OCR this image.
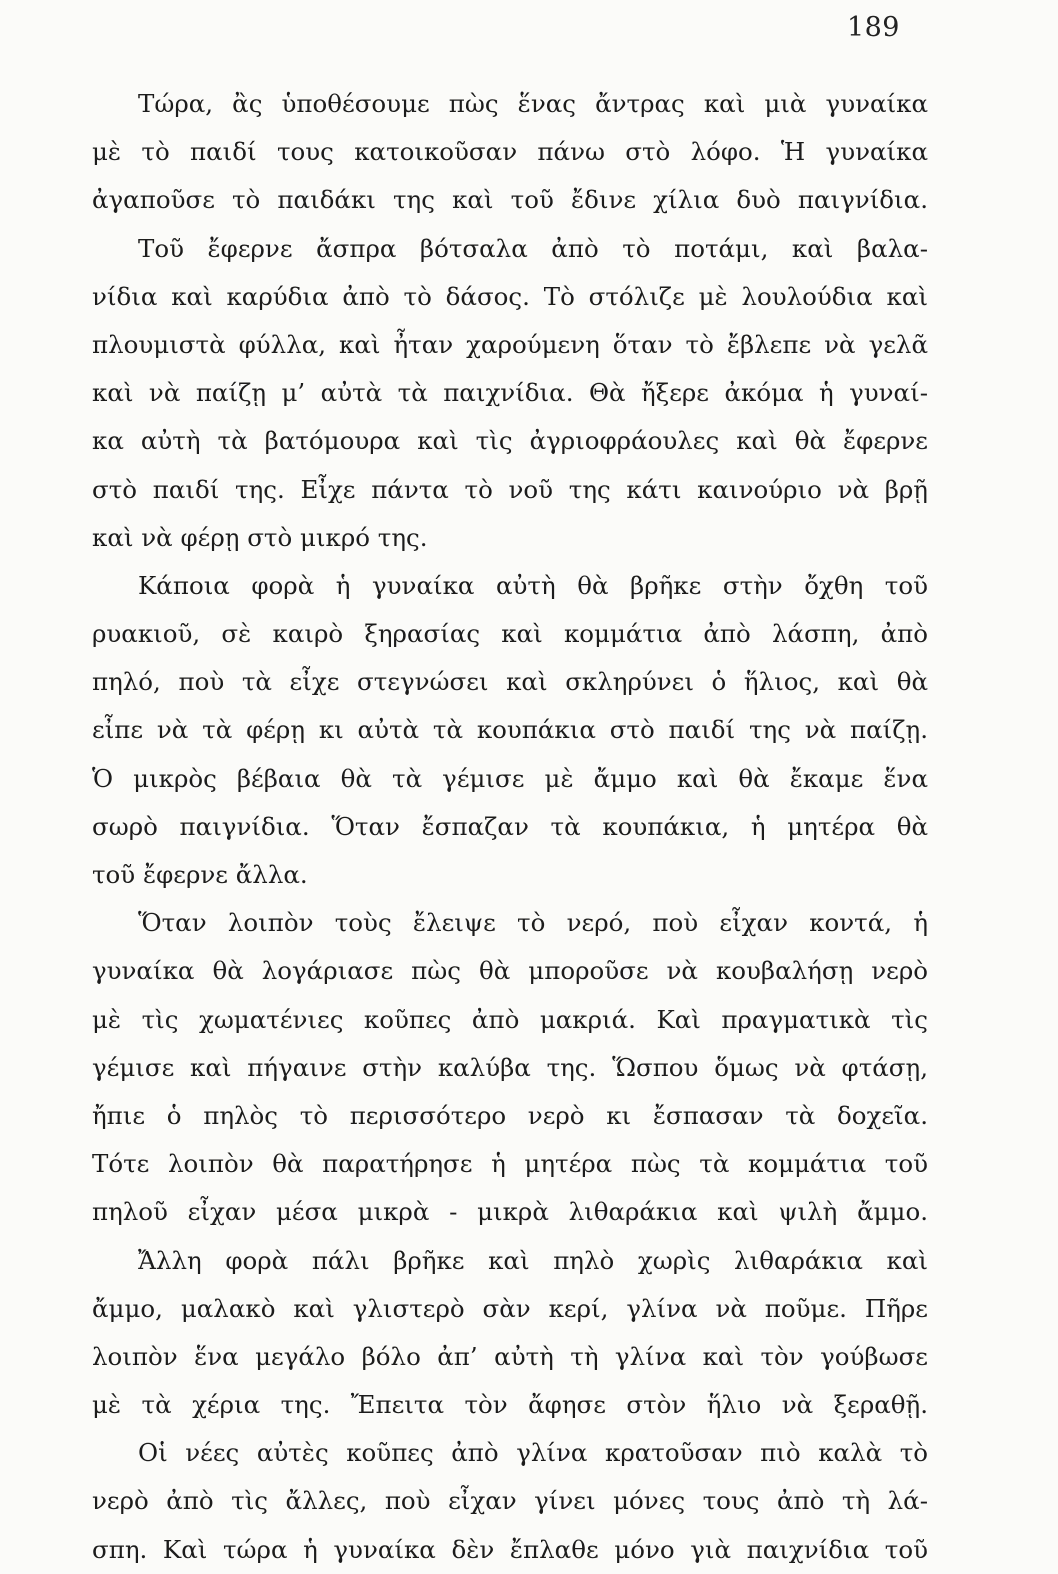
189
Τώρα, ἂς ὑποθέσουμε πὼς ἕνας ἄντρας καὶ μιὰ γυναίκα
μὲ τὸ παιδί τους κατοικοῦσαν πάνω στὸ λόφο. Ἡ γυναίκα
ἀγαποῦσε τὸ παιδάκι της καὶ τοῦ ἔδινε χίλια δυὸ παιγνίδια.
Τοῦ ἔφερνε ἄσπρα βότσαλα ἀπὸ τὸ ποτάμι, καὶ βαλα-
νίδια καὶ καρύδια ἀπὸ τὸ δάσος. Τὸ στόλιζε μὲ λουλούδια καὶ
πλουμιστὰ φύλλα, καὶ ἦταν χαρούμενη ὅταν τὸ ἔβλεπε νὰ γελᾶ
καὶ νὰ παίζῃ μ’ αὐτὰ τὰ παιχνίδια. Θὰ ἤξερε ἀκόμα ἡ γυναί-
κα αὐτὴ τὰ βατόμουρα καὶ τὶς ἀγριοφράουλες καὶ θὰ ἔφερνε
στὸ παιδί της. Εἶχε πάντα τὸ νοῦ της κάτι καινούριο νὰ βρῇ
καὶ νὰ φέρῃ στὸ μικρό της.
Κάποια φορὰ ἡ γυναίκα αὐτὴ θὰ βρῆκε στὴν ὄχθη τοῦ
ρυακιοῦ, σὲ καιρὸ ξηρασίας καὶ κομμάτια ἀπὸ λάσπη, ἀπὸ
πηλό, ποὺ τὰ εἶχε στεγνώσει καὶ σκληρύνει ὁ ἥλιος, καὶ θὰ
εἶπε νὰ τὰ φέρῃ κι αὐτὰ τὰ κουπάκια στὸ παιδί της νὰ παίζῃ.
Ὁ μικρὸς βέβαια θὰ τὰ γέμισε μὲ ἄμμο καὶ θὰ ἔκαμε ἕνα
σωρὸ παιγνίδια. Ὅταν ἔσπαζαν τὰ κουπάκια, ἡ μητέρα θὰ
τοῦ ἔφερνε ἄλλα.
Ὅταν λοιπὸν τοὺς ἔλειψε τὸ νερό, ποὺ εἶχαν κοντά, ἡ
γυναίκα θὰ λογάριασε πὼς θὰ μποροῦσε νὰ κουβαλήσῃ νερὸ
μὲ τὶς χωματένιες κοῦπες ἀπὸ μακριά. Καὶ πραγματικὰ τὶς
γέμισε καὶ πήγαινε στὴν καλύβα της. Ὥσπου ὅμως νὰ φτάσῃ,
ἤπιε ὁ πηλὸς τὸ περισσότερο νερὸ κι ἔσπασαν τὰ δοχεῖα.
Τότε λοιπὸν θὰ παρατήρησε ἡ μητέρα πὼς τὰ κομμάτια τοῦ
πηλοῦ εἶχαν μέσα μικρὰ - μικρὰ λιθαράκια καὶ ψιλὴ ἄμμο.
Ἄλλη φορὰ πάλι βρῆκε καὶ πηλὸ χωρὶς λιθαράκια καὶ
ἄμμο, μαλακὸ καὶ γλιστερὸ σὰν κερί, γλίνα νὰ ποῦμε. Πῆρε
λοιπὸν ἕνα μεγάλο βόλο ἀπ’ αὐτὴ τὴ γλίνα καὶ τὸν γούβωσε
μὲ τὰ χέρια της. Ἔπειτα τὸν ἄφησε στὸν ἥλιο νὰ ξεραθῇ.
Οἱ νέες αὐτὲς κοῦπες ἀπὸ γλίνα κρατοῦσαν πιὸ καλὰ τὸ
νερὸ ἀπὸ τὶς ἄλλες, ποὺ εἶχαν γίνει μόνες τους ἀπὸ τὴ λά-
σπη. Καὶ τώρα ἡ γυναίκα δὲν ἔπλαθε μόνο γιὰ παιχνίδια τοῦ
